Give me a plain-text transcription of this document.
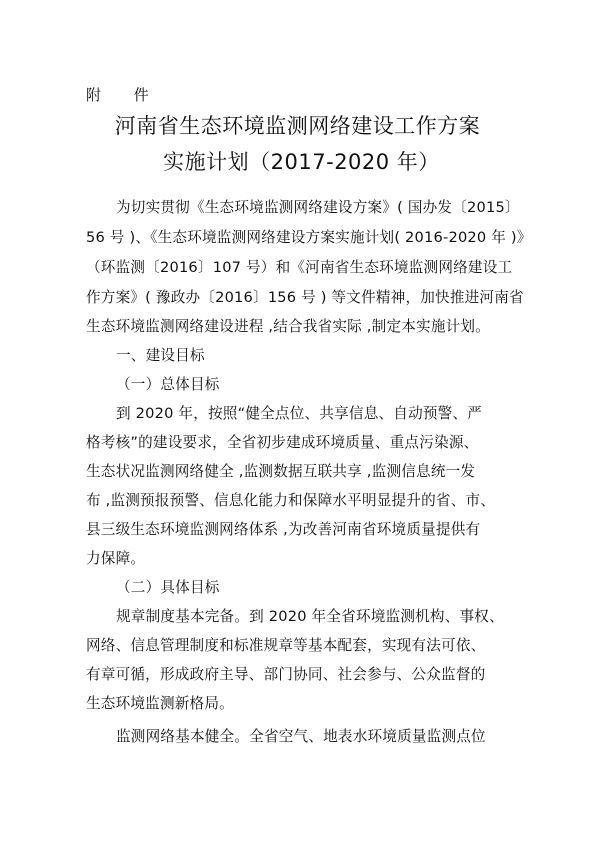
附 件
河南省生态环境监测网络建设工作方案
实施计划（2017-2020 年）
为切实贯彻《生态环境监测网络建设方案》( 国办发〔2015〕
56 号 )、《生态环境监测网络建设方案实施计划( 2016-2020 年 )》
（环监测〔2016〕107 号）和《河南省生态环境监测网络建设工
作方案》( 豫政办〔2016〕156 号 ) 等文件精神，加快推进河南省
生态环境监测网络建设进程 ,结合我省实际 ,制定本实施计划。
一、建设目标
（一）总体目标
到 2020 年，按照“健全点位、共享信息、自动预警、严
格考核”的建设要求，全省初步建成环境质量、重点污染源、
生态状况监测网络健全 ,监测数据互联共享 ,监测信息统一发
布 ,监测预报预警、信息化能力和保障水平明显提升的省、市、
县三级生态环境监测网络体系 ,为改善河南省环境质量提供有
力保障。
（二）具体目标
规章制度基本完备。到 2020 年全省环境监测机构、事权、
网络、信息管理制度和标准规章等基本配套，实现有法可依、
有章可循，形成政府主导、部门协同、社会参与、公众监督的
生态环境监测新格局。
监测网络基本健全。全省空气、地表水环境质量监测点位
